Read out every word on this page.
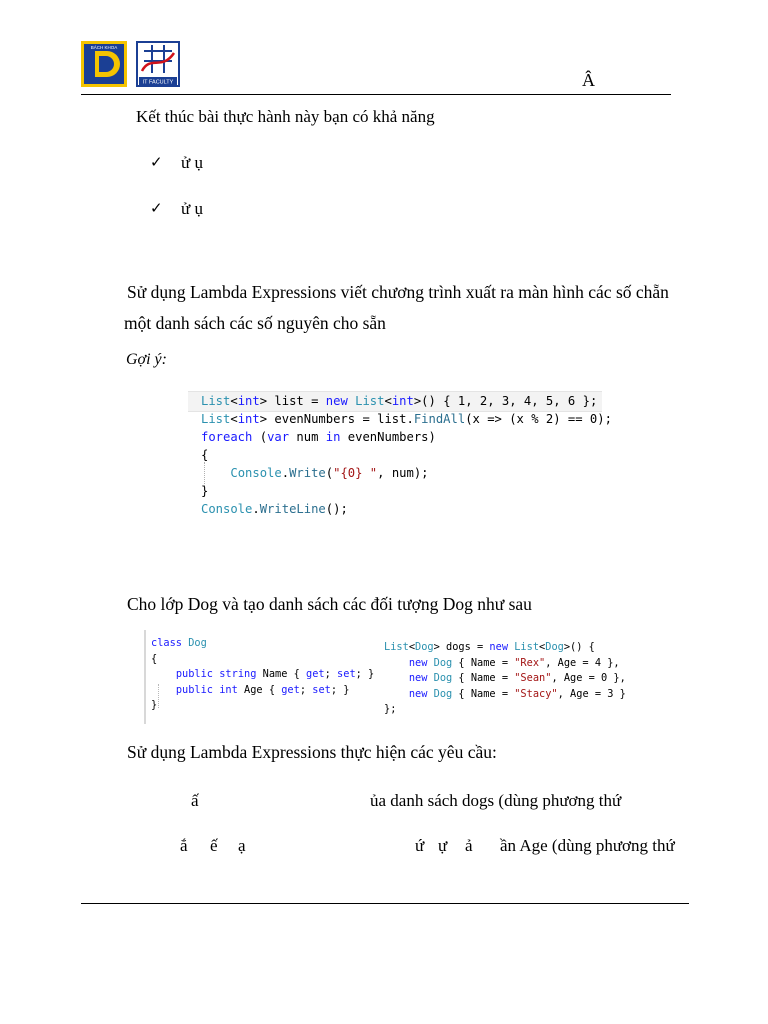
BÁCH KHOA
IT FACULTY	Â
Kết thúc bài thực hành này bạn có khả năng
✓ ử ụ
✓ ử ụ
Sử dụng Lambda Expressions viết chương trình xuất ra màn hình các số chẵn
một danh sách các số nguyên cho sẵn
Gợi ý:
List<int> list = new List<int>() { 1, 2, 3, 4, 5, 6 };
List<int> evenNumbers = list.FindAll(x => (x % 2) == 0);
foreach (var num in evenNumbers)
{
Console.Write("{0} ", num);
}
Console.WriteLine();
Cho lớp Dog và tạo danh sách các đối tượng Dog như sau
class Dog
{
public string Name { get; set; }
public int Age { get; set; }
}
List<Dog> dogs = new List<Dog>() {
new Dog { Name = "Rex", Age = 4 },
new Dog { Name = "Sean", Age = 0 },
new Dog { Name = "Stacy", Age = 3 }
};
Sử dụng Lambda Expressions thực hiện các yêu cầu:
ấ	ủa danh sách dogs (dùng phương thứ
ắ ế ạ	ứ ự ả ần Age (dùng phương thứ
